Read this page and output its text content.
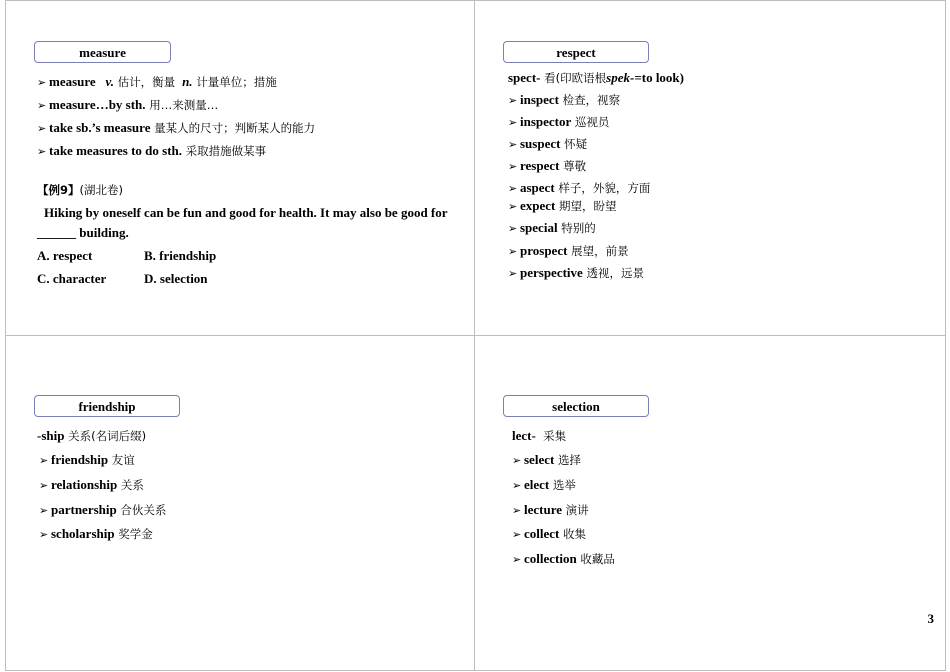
measure
➢ measure   v. 估计，衡量  n. 计量单位；措施
➢ measure…by sth. 用…来测量…
➢ take sb.’s measure 量某人的尺寸；判断某人的能力
➢ take measures to do sth. 采取措施做某事
【例9】(湖北卷)
Hiking by oneself can be fun and good for health. It may also be good for
______ building.
A. respect	B. friendship
C. character	D. selection
respect
spect- 看(印欧语根spek-=to look)
➢ inspect 检查，视察
➢ inspector 巡视员
➢ suspect 怀疑
➢ respect 尊敬
➢ aspect 样子，外貌，方面
➢ expect 期望，盼望
➢ special 特别的
➢ prospect 展望，前景
➢ perspective 透视，远景
friendship
-ship 关系(名词后缀)
➢ friendship 友谊
➢ relationship 关系
➢ partnership 合伙关系
➢ scholarship 奖学金
selection
lect-  采集
➢ select 选择
➢ elect 选举
➢ lecture 演讲
➢ collect 收集
➢ collection 收藏品
3
